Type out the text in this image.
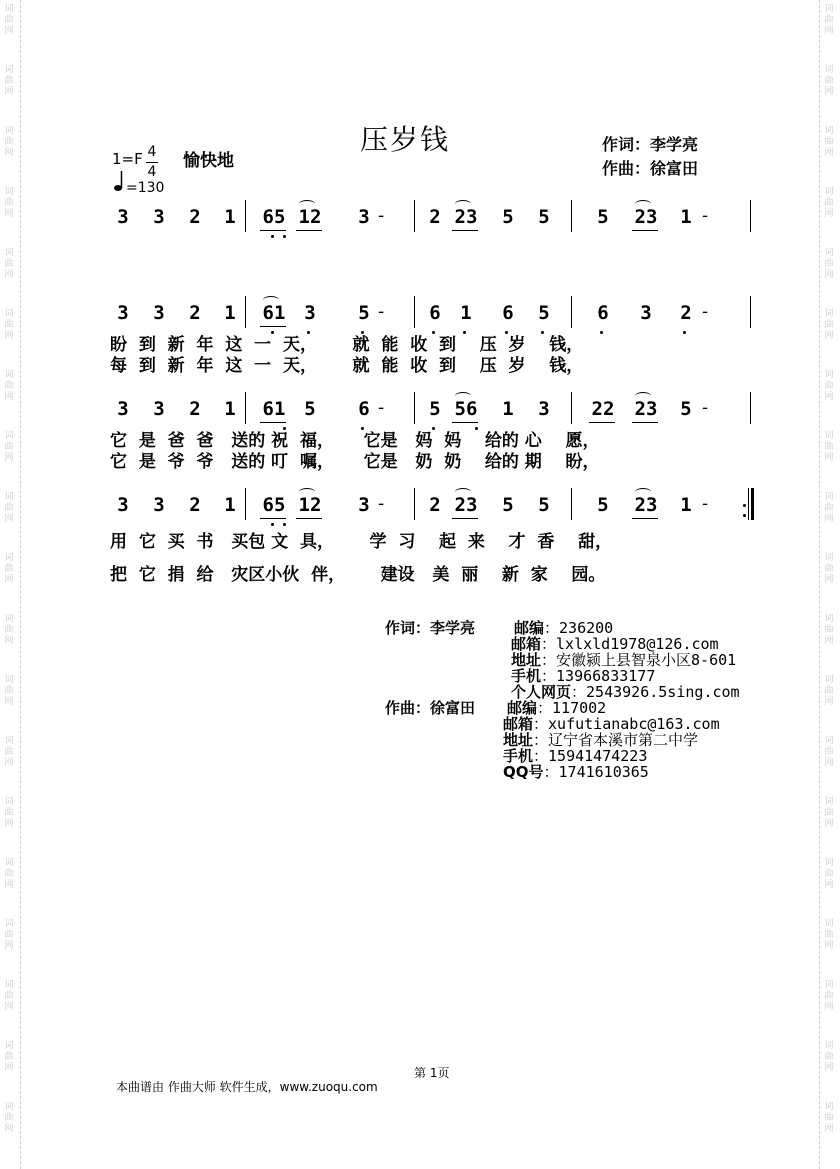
词
曲
网
词
曲
网
词
曲
网
词
曲
网
词
曲
网
词
曲
网
词
曲
网
词
曲
网
词
曲
网
词
曲
网
词
曲
网
词
曲
网
词
曲
网
词
曲
网
词
曲
网
词
曲
网
词
曲
网
词
曲
网
词
曲
网
词
曲
网
词
曲
网
词
曲
网
词
曲
网
词
曲
网
词
曲
网
词
曲
网
词
曲
网
词
曲
网
词
曲
网
词
曲
网
词
曲
网
词
曲
网
词
曲
网
词
曲
网
词
曲
网
词
曲
网
词
曲
网
词
曲
网
压岁钱	作词：李学亮
作曲：徐富田
1=F 4
4
愉快地
=130
3 3 2 1 65 12 3 -	2 23 5 5	5 23 1 -
3 3 2 1 61 3 5 -	6 1 6 5	6 3 2 -
盼  到  新  年  这  一  天，      就  能  收  到    压  岁    钱，
每  到  新  年  这  一  天，      就  能  收  到    压  岁    钱，
3 3 2 1 61 5 6 -	5 56 1 3 22 23 5 -
它  是  爸  爸   送的 祝  福，     它是   妈  妈    给的 心    愿，
它  是  爷  爷   送的 叮  嘱，     它是   奶  奶    给的 期    盼，
3 3 2 1 65 12 3 -	2 23 5 5	5 23 1 -
用  它  买  书   买包 文  具，      学  习    起  来    才  香    甜，
把  它  捐  给   灾区小伙  伴，      建设   美  丽    新  家    园。
作词：李学亮	邮编：236200
邮箱：lxlxld1978@126.com
地址：安徽颍上县智泉小区8-601
手机：13966833177
个人网页：2543926.5sing.com
作曲：徐富田 邮编：117002
邮箱：xufutianabc@163.com
地址：辽宁省本溪市第二中学
手机：15941474223
QQ号：1741610365
第 1页
本曲谱由 作曲大师 软件生成，www.zuoqu.com
